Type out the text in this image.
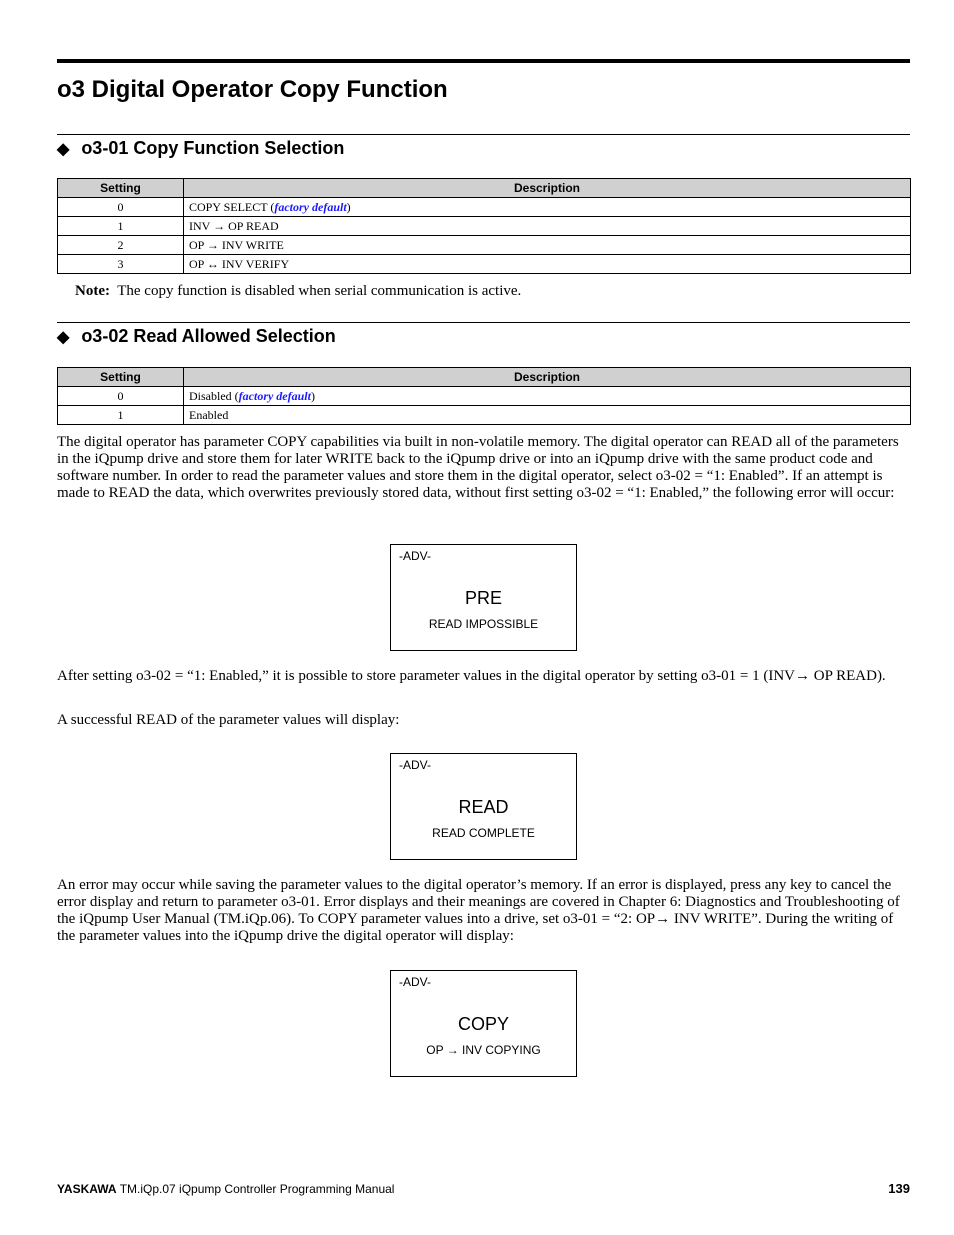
o3 Digital Operator Copy Function
◆ o3-01 Copy Function Selection
Setting	Description
0	COPY SELECT (factory default)
1	INV → OP READ
2	OP → INV WRITE
3	OP ↔ INV VERIFY
Note: The copy function is disabled when serial communication is active.
◆ o3-02 Read Allowed Selection
Setting	Description
0	Disabled (factory default)
1	Enabled
The digital operator has parameter COPY capabilities via built in non-volatile memory. The digital operator can READ all of the parameters in the iQpump drive and store them for later WRITE back to the iQpump drive or into an iQpump drive with the same product code and software number. In order to read the parameter values and store them in the digital operator, select o3-02 = “1: Enabled”. If an attempt is made to READ the data, which overwrites previously stored data, without first setting o3-02 = “1: Enabled,” the following error will occur:
-ADV-
PRE
READ IMPOSSIBLE
After setting o3-02 = “1: Enabled,” it is possible to store parameter values in the digital operator by setting o3-01 = 1 (INV→ OP READ).
A successful READ of the parameter values will display:
-ADV-
READ
READ COMPLETE
An error may occur while saving the parameter values to the digital operator’s memory. If an error is displayed, press any key to cancel the error display and return to parameter o3-01. Error displays and their meanings are covered in Chapter 6: Diagnostics and Troubleshooting of the iQpump User Manual (TM.iQp.06). To COPY parameter values into a drive, set o3-01 = “2: OP→ INV WRITE”. During the writing of the parameter values into the iQpump drive the digital operator will display:
-ADV-
COPY
OP → INV COPYING
YASKAWA TM.iQp.07 iQpump Controller Programming Manual	139
